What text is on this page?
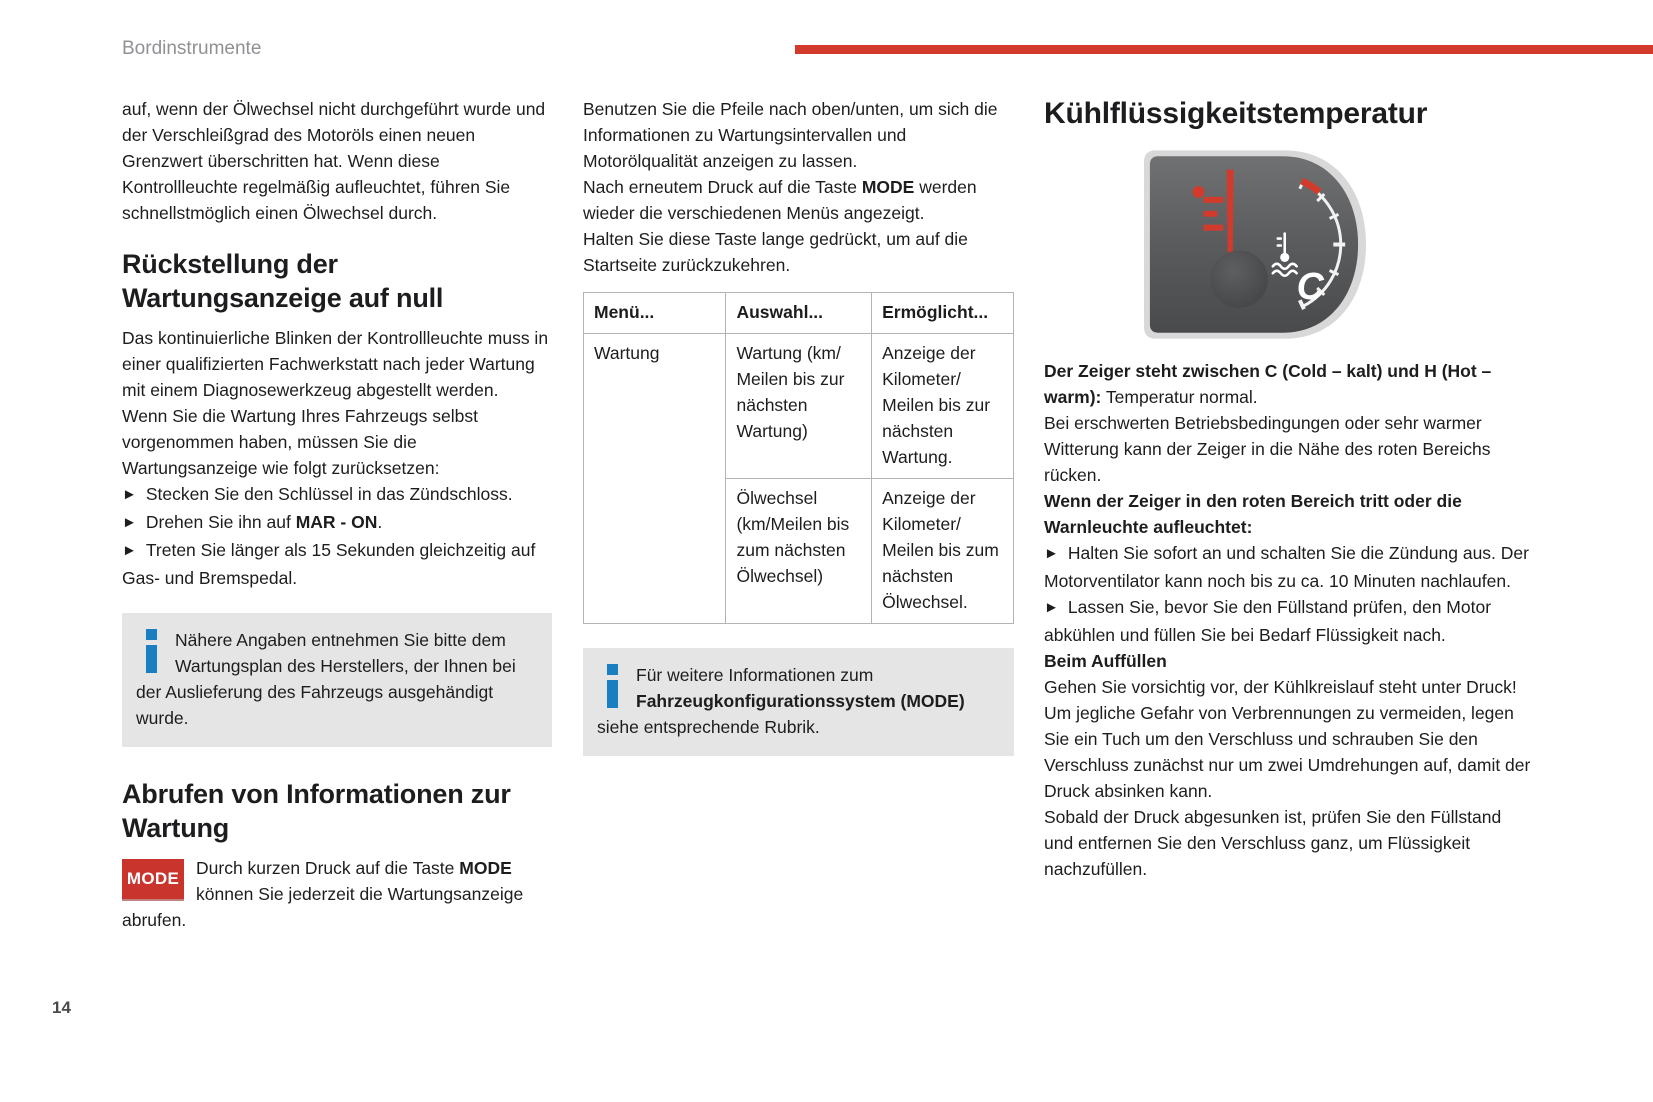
Bordinstrumente

auf, wenn der Ölwechsel nicht durchgeführt wurde und der Verschleißgrad des Motoröls einen neuen Grenzwert überschritten hat. Wenn diese Kontrollleuchte regelmäßig aufleuchtet, führen Sie schnellstmöglich einen Ölwechsel durch.

Rückstellung der Wartungsanzeige auf null

Das kontinuierliche Blinken der Kontrollleuchte muss in einer qualifizierten Fachwerkstatt nach jeder Wartung mit einem Diagnosewerkzeug abgestellt werden.

Wenn Sie die Wartung Ihres Fahrzeugs selbst vorgenommen haben, müssen Sie die Wartungsanzeige wie folgt zurücksetzen:

► Stecken Sie den Schlüssel in das Zündschloss.

► Drehen Sie ihn auf MAR - ON.

► Treten Sie länger als 15 Sekunden gleichzeitig auf Gas- und Bremspedal.

Nähere Angaben entnehmen Sie bitte dem Wartungsplan des Herstellers, der Ihnen bei der Auslieferung des Fahrzeugs ausgehändigt wurde.
Abrufen von Informationen zur Wartung

MODE
Durch kurzen Druck auf die Taste MODE können Sie jederzeit die Wartungsanzeige abrufen.

Benutzen Sie die Pfeile nach oben/unten, um sich die Informationen zu Wartungsintervallen und Motorölqualität anzeigen zu lassen.

Nach erneutem Druck auf die Taste MODE werden wieder die verschiedenen Menüs angezeigt.

Halten Sie diese Taste lange gedrückt, um auf die Startseite zurückzukehren.

Menü...	Auswahl...	Ermöglicht...
Wartung	Wartung (km/ Meilen bis zur nächsten Wartung)	Anzeige der Kilometer/ Meilen bis zur nächsten Wartung.
	Ölwechsel (km/Meilen bis zum nächsten Ölwechsel)	Anzeige der Kilometer/ Meilen bis zum nächsten Ölwechsel.
Für weitere Informationen zum Fahrzeugkonfigurationssystem (MODE) siehe entsprechende Rubrik.
Kühlflüssigkeitstemperatur
C

Der Zeiger steht zwischen C (Cold – kalt) und H (Hot – warm): Temperatur normal.

Bei erschwerten Betriebsbedingungen oder sehr warmer Witterung kann der Zeiger in die Nähe des roten Bereichs rücken.

Wenn der Zeiger in den roten Bereich tritt oder die Warnleuchte aufleuchtet:

► Halten Sie sofort an und schalten Sie die Zündung aus. Der Motorventilator kann noch bis zu ca. 10 Minuten nachlaufen.

► Lassen Sie, bevor Sie den Füllstand prüfen, den Motor abkühlen und füllen Sie bei Bedarf Flüssigkeit nach.

Beim Auffüllen

Gehen Sie vorsichtig vor, der Kühlkreislauf steht unter Druck!

Um jegliche Gefahr von Verbrennungen zu vermeiden, legen Sie ein Tuch um den Verschluss und schrauben Sie den Verschluss zunächst nur um zwei Umdrehungen auf, damit der Druck absinken kann.

Sobald der Druck abgesunken ist, prüfen Sie den Füllstand und entfernen Sie den Verschluss ganz, um Flüssigkeit nachzufüllen.

14
